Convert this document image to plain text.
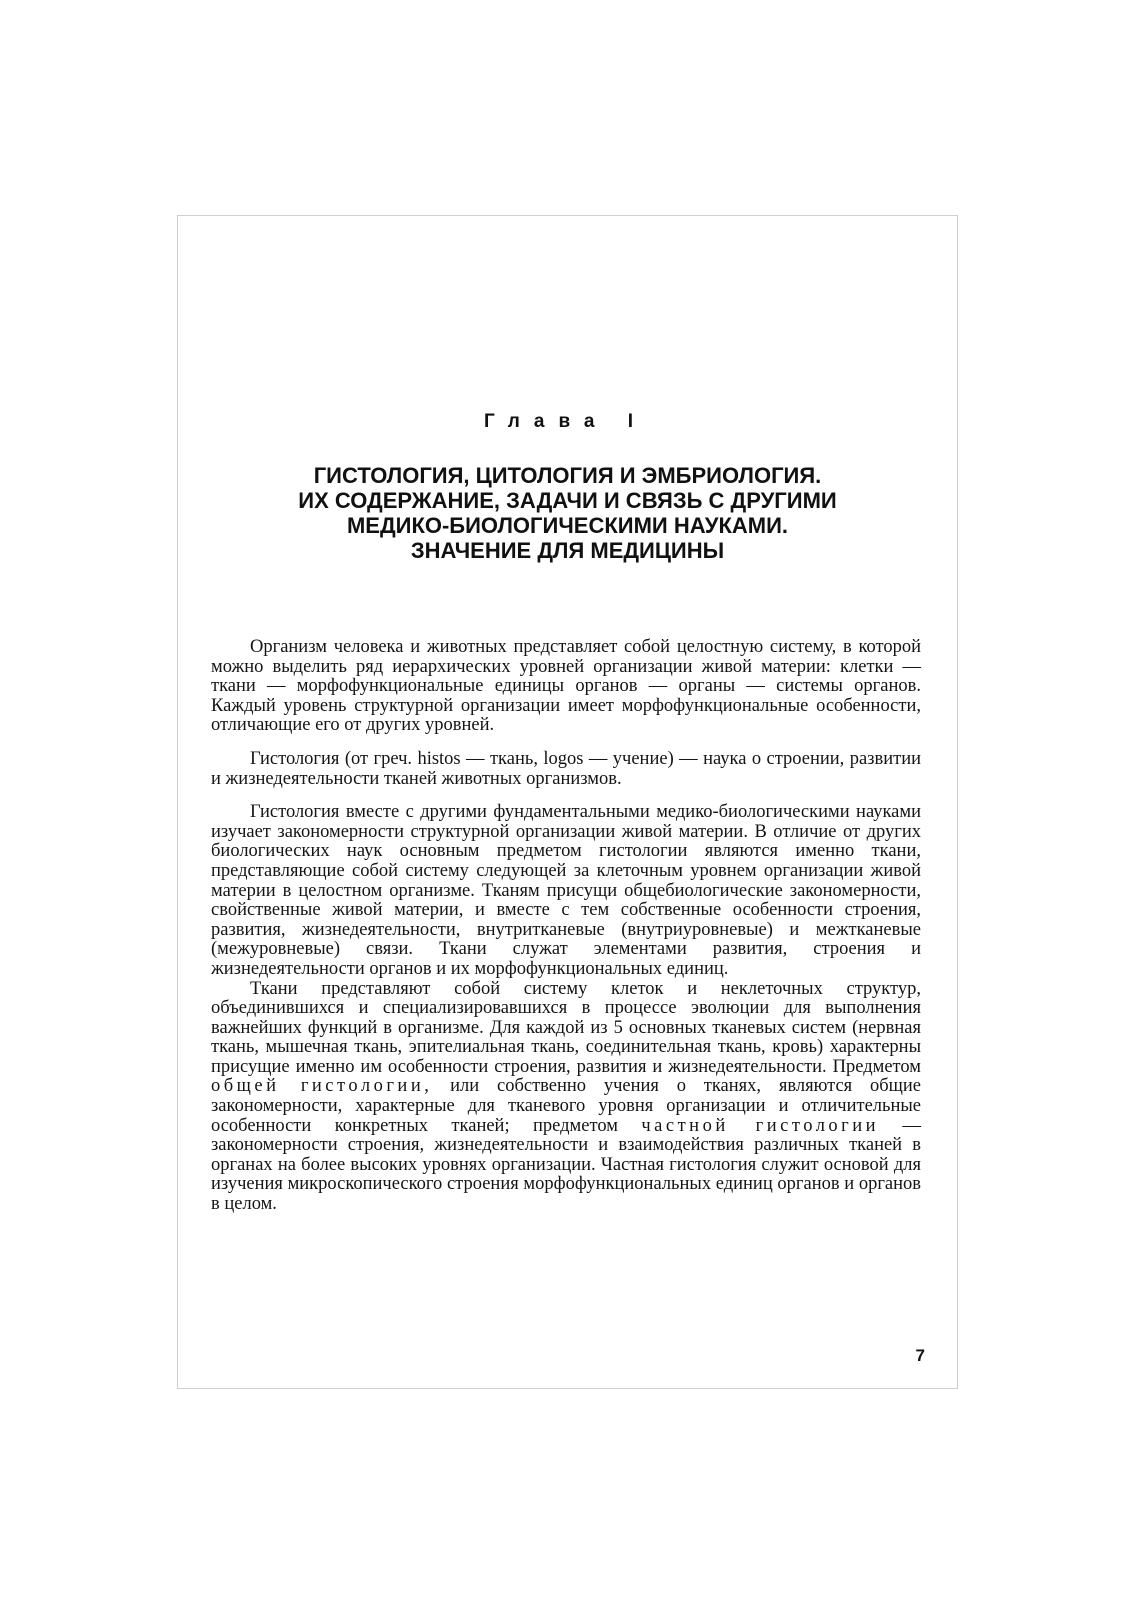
Глава I
ГИСТОЛОГИЯ, ЦИТОЛОГИЯ И ЭМБРИОЛОГИЯ.
ИХ СОДЕРЖАНИЕ, ЗАДАЧИ И СВЯЗЬ С ДРУГИМИ
МЕДИКО-БИОЛОГИЧЕСКИМИ НАУКАМИ.
ЗНАЧЕНИЕ ДЛЯ МЕДИЦИНЫ

Организм человека и животных представляет собой целостную систему, в которой можно выделить ряд иерархических уровней организации живой материи: клетки — ткани — морфофункциональные единицы органов — органы — системы органов. Каждый уровень структурной организации имеет морфофункциональные особенности, отличающие его от других уровней.

Гистология (от греч. histos — ткань, logos — учение) — наука о строении, развитии и жизнедеятельности тканей животных организмов.

Гистология вместе с другими фундаментальными медико-биологическими науками изучает закономерности структурной организации живой материи. В отличие от других биологических наук основным предметом гистологии являются именно ткани, представляющие собой систему следующей за клеточным уровнем организации живой материи в целостном организме. Тканям присущи общебиологические закономерности, свойственные живой материи, и вместе с тем собственные особенности строения, развития, жизнедеятельности, внутритканевые (внутриуровневые) и межтканевые (межуровневые) связи. Ткани служат элементами развития, строения и жизнедеятельности органов и их морфофункциональных единиц.

Ткани представляют собой систему клеток и неклеточных структур, объединившихся и специализировавшихся в процессе эволюции для выполнения важнейших функций в организме. Для каждой из 5 основных тканевых систем (нервная ткань, мышечная ткань, эпителиальная ткань, соединительная ткань, кровь) характерны присущие именно им особенности строения, развития и жизнедеятельности. Предметом общей гистологии, или собственно учения о тканях, являются общие закономерности, характерные для тканевого уровня организации и отличительные особенности конкретных тканей; предметом частной гистологии — закономерности строения, жизнедеятельности и взаимодействия различных тканей в органах на более высоких уровнях организации. Частная гистология служит основой для изучения микроскопического строения морфофункциональных единиц органов и органов в целом.

7
